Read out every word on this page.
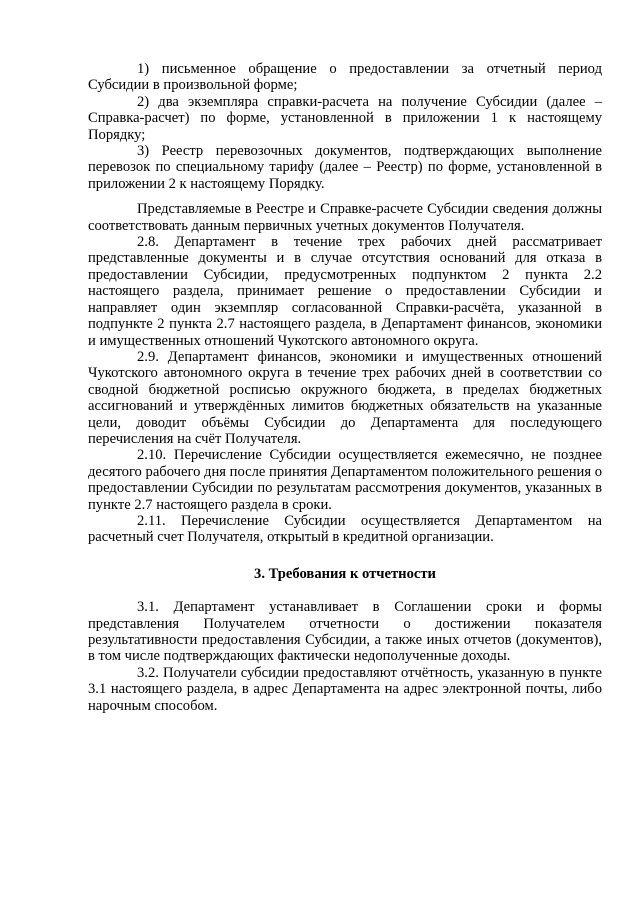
1) письменное обращение о предоставлении за отчетный период Субсидии в произвольной форме;

2) два экземпляра справки-расчета на получение Субсидии (далее – Справка-расчет) по форме, установленной в приложении 1 к настоящему Порядку;

3) Реестр перевозочных документов, подтверждающих выполнение перевозок по специальному тарифу (далее – Реестр) по форме, установленной в приложении 2 к настоящему Порядку.

Представляемые в Реестре и Справке-расчете Субсидии сведения должны соответствовать данным первичных учетных документов Получателя.

2.8. Департамент в течение трех рабочих дней рассматривает представленные документы и в случае отсутствия оснований для отказа в предоставлении Субсидии, предусмотренных подпунктом 2 пункта 2.2 настоящего раздела, принимает решение о предоставлении Субсидии и направляет один экземпляр согласованной Справки-расчёта, указанной в подпункте 2 пункта 2.7 настоящего раздела, в Департамент финансов, экономики и имущественных отношений Чукотского автономного округа.

2.9. Департамент финансов, экономики и имущественных отношений Чукотского автономного округа в течение трех рабочих дней в соответствии со сводной бюджетной росписью окружного бюджета, в пределах бюджетных ассигнований и утверждённых лимитов бюджетных обязательств на указанные цели, доводит объёмы Субсидии до Департамента для последующего перечисления на счёт Получателя.

2.10. Перечисление Субсидии осуществляется ежемесячно, не позднее десятого рабочего дня после принятия Департаментом положительного решения о предоставлении Субсидии по результатам рассмотрения документов, указанных в пункте 2.7 настоящего раздела в сроки.

2.11. Перечисление Субсидии осуществляется Департаментом на расчетный счет Получателя, открытый в кредитной организации.

3. Требования к отчетности

3.1. Департамент устанавливает в Соглашении сроки и формы представления Получателем отчетности о достижении показателя результативности предоставления Субсидии, а также иных отчетов (документов), в том числе подтверждающих фактически недополученные доходы.

3.2. Получатели субсидии предоставляют отчётность, указанную в пункте 3.1 настоящего раздела, в адрес Департамента на адрес электронной почты, либо нарочным способом.
